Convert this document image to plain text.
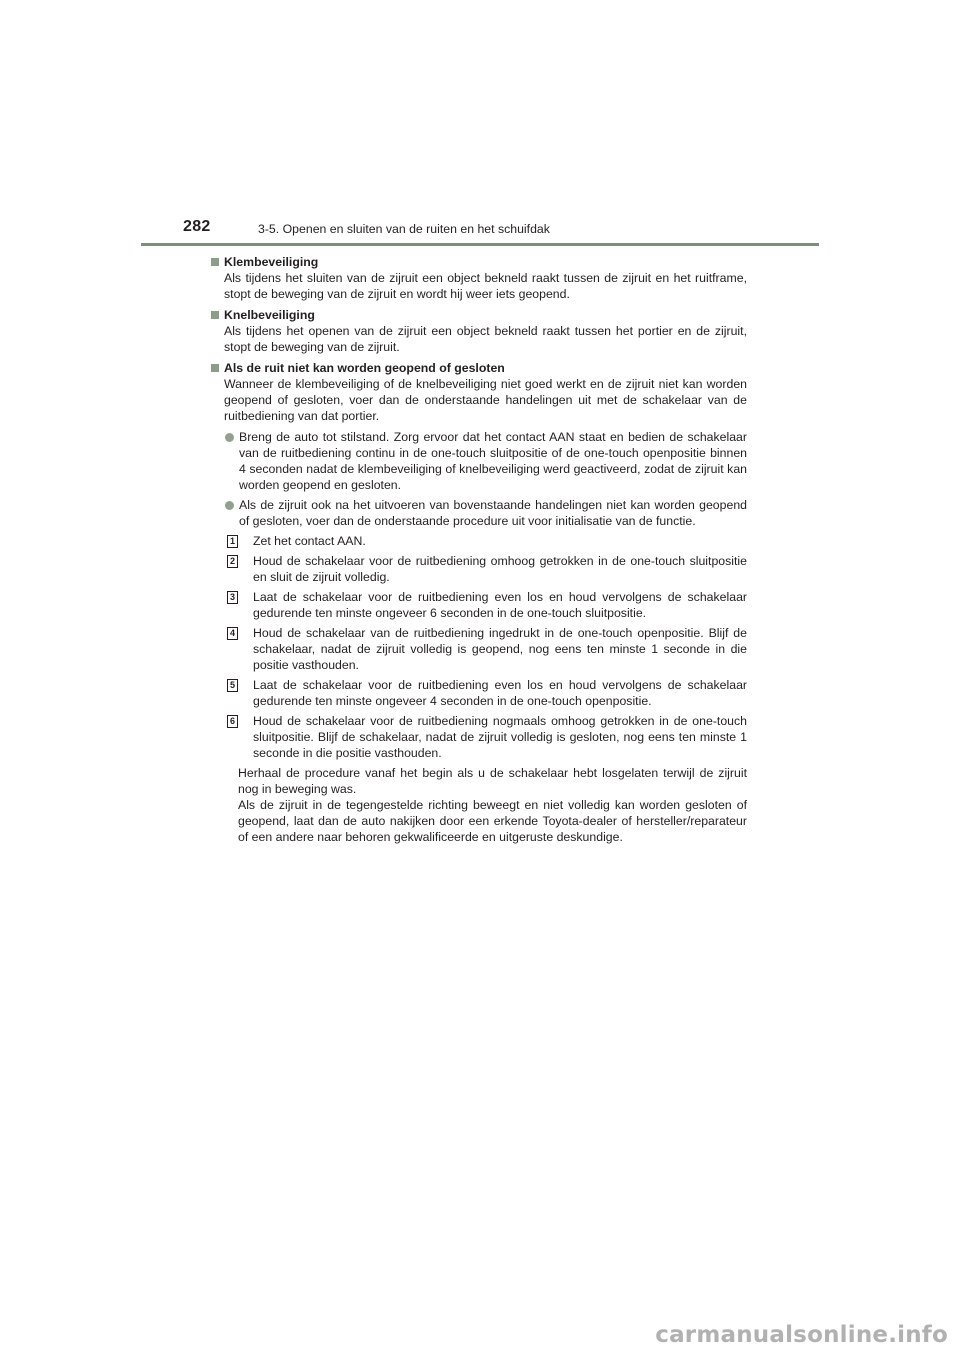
282	3-5. Openen en sluiten van de ruiten en het schuifdak
Klembeveiliging
Als tijdens het sluiten van de zijruit een object bekneld raakt tussen de zijruit en het ruitframe, stopt de beweging van de zijruit en wordt hij weer iets geopend.
Knelbeveiliging
Als tijdens het openen van de zijruit een object bekneld raakt tussen het portier en de zijruit, stopt de beweging van de zijruit.
Als de ruit niet kan worden geopend of gesloten
Wanneer de klembeveiliging of de knelbeveiliging niet goed werkt en de zijruit niet kan worden geopend of gesloten, voer dan de onderstaande handelingen uit met de schakelaar van de ruitbediening van dat portier.
Breng de auto tot stilstand. Zorg ervoor dat het contact AAN staat en bedien de schakelaar van de ruitbediening continu in de one-touch sluitpositie of de one-touch openpositie binnen 4 seconden nadat de klembeveiliging of knelbeveiliging werd geactiveerd, zodat de zijruit kan worden geopend en gesloten.
Als de zijruit ook na het uitvoeren van bovenstaande handelingen niet kan worden geopend of gesloten, voer dan de onderstaande procedure uit voor initialisatie van de functie.
1 Zet het contact AAN.
2 Houd de schakelaar voor de ruitbediening omhoog getrokken in de one-touch sluitpositie en sluit de zijruit volledig.
3 Laat de schakelaar voor de ruitbediening even los en houd vervolgens de schakelaar gedurende ten minste ongeveer 6 seconden in de one-touch sluitpositie.
4 Houd de schakelaar van de ruitbediening ingedrukt in de one-touch openpositie. Blijf de schakelaar, nadat de zijruit volledig is geopend, nog eens ten minste 1 seconde in die positie vasthouden.
5 Laat de schakelaar voor de ruitbediening even los en houd vervolgens de schakelaar gedurende ten minste ongeveer 4 seconden in de one-touch openpositie.
6 Houd de schakelaar voor de ruitbediening nogmaals omhoog getrokken in de one-touch sluitpositie. Blijf de schakelaar, nadat de zijruit volledig is gesloten, nog eens ten minste 1 seconde in die positie vasthouden.
Herhaal de procedure vanaf het begin als u de schakelaar hebt losgelaten terwijl de zijruit nog in beweging was.
Als de zijruit in de tegengestelde richting beweegt en niet volledig kan worden gesloten of geopend, laat dan de auto nakijken door een erkende Toyota-dealer of hersteller/reparateur of een andere naar behoren gekwalificeerde en uitgeruste deskundige.
carmanualsonline.info
